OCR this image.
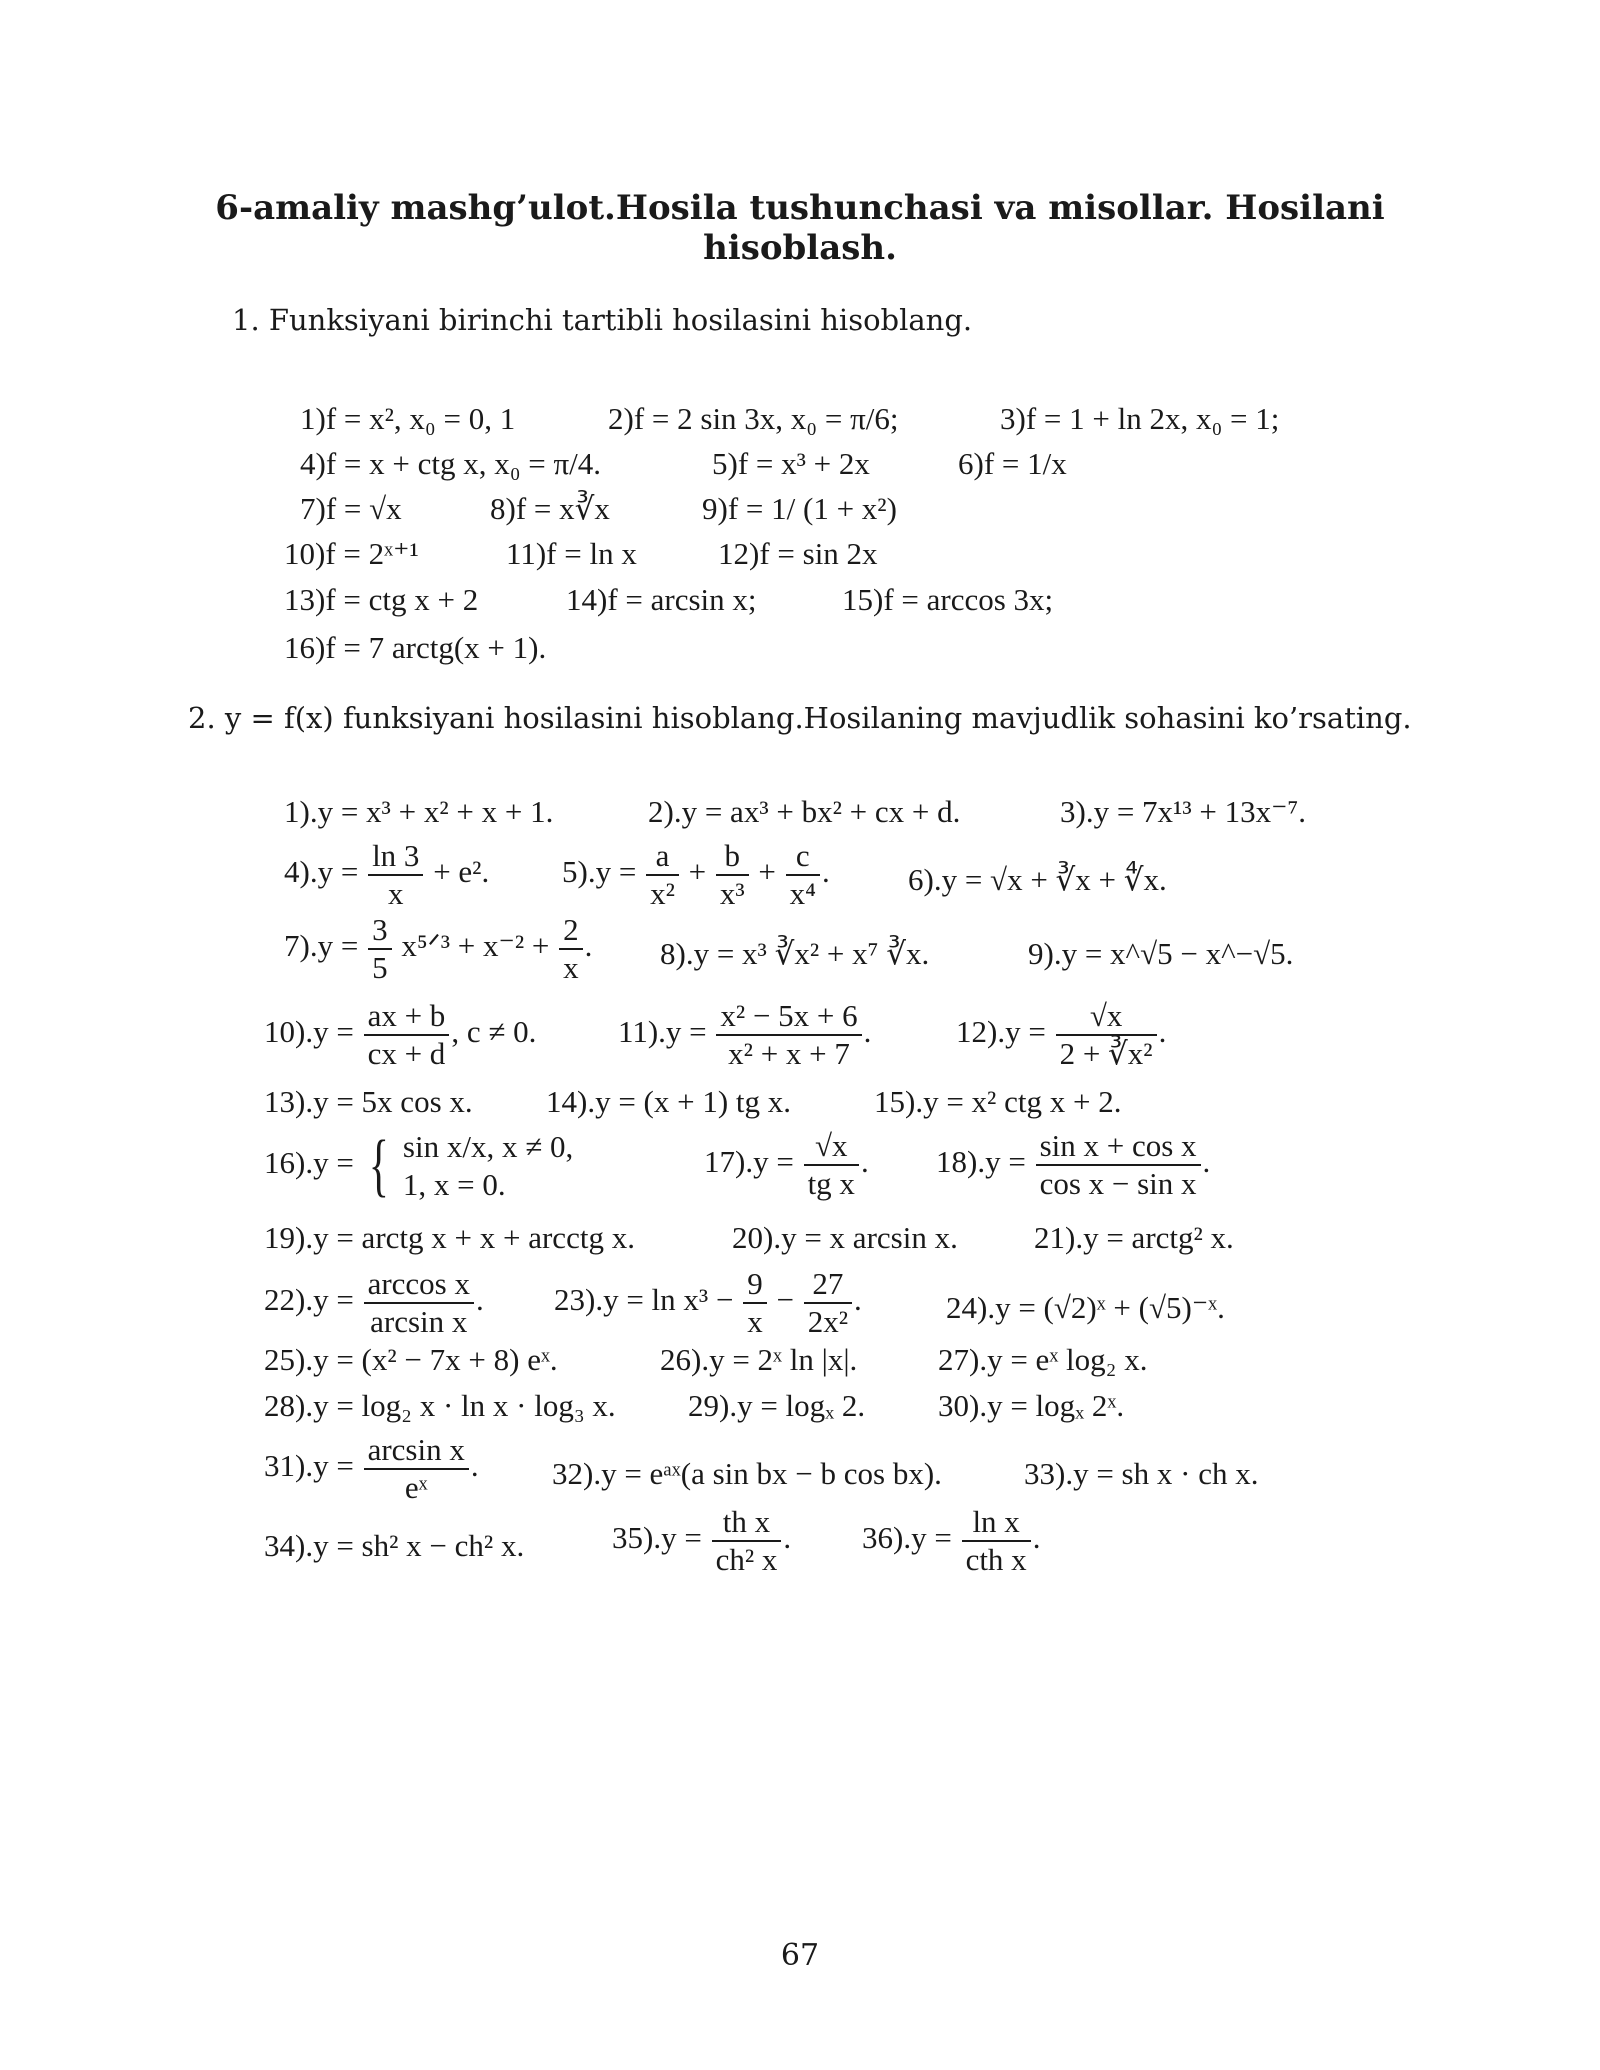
6-amaliy mashg’ulot.Hosila tushunchasi va misollar. Hosilani
hisoblash.
1. Funksiyani birinchi tartibli hosilasini hisoblang.
1)f = x², x₀ = 0, 1	2)f = 2 sin 3x, x₀ = π/6;	3)f = 1 + ln 2x, x₀ = 1;
4)f = x + ctg x, x₀ = π/4.	5)f = x³ + 2x	6)f = 1/x
7)f = √x	8)f = x∛x	9)f = 1/ (1 + x²)
10)f = 2ˣ⁺¹	11)f = ln x	12)f = sin 2x
13)f = ctg x + 2	14)f = arcsin x;	15)f = arccos 3x;
16)f = 7 arctg(x + 1).
2. y = f(x) funksiyani hosilasini hisoblang.Hosilaning mavjudlik sohasini ko’rsating.
1).y = x³ + x² + x + 1.	2).y = ax³ + bx² + cx + d.	3).y = 7x¹³ + 13x⁻⁷.
$4).y = \frac{\ln 3}{x} + e^2$. $5).y = \frac{a}{\text{x²}} + \frac{b}{\text{x³}} + \frac{c}{\text{x⁴}}$ .	6).y = √x + ∛x + ∜x.
$7).y = \frac{3}{5}$ x⁵ᐟ³ + $x^{-2} + \frac{2}{x}$ . 8).y = x³ ∛x² + x⁷ ∛x.	9).y = x^√5 − x^−√5.
$10).y = \frac{ax + b}{cx + d}$ , c ≠ 0.	$11).y = \frac{\text{x² − 5x + 6}}{\text{x² + x + 7}}$ .	$12).y = \frac{√x}{\text{2 + ∛x²}}$ .
13).y = 5x cos x. 14).y = (x + 1) tg x.	15).y = x² ctg x + 2.
16).y = { sin x/x, x ≠ 0,
1, x = 0.
$17).y = \frac{√x}{\text{tg x}}$ . $18).y = \frac{\text{sin x + cos x}}{\text{cos x − sin x}}$ .
19).y = arctg x + x + arcctg x.	20).y = x arcsin x. 21).y = arctg² x.
$22).y = \frac{\text{arccos x}}{\text{arcsin x}}$ . $23).y = \ln x^3 - \frac{9}{x} - \frac{27}{\text{2x²}}$ .	24).y = (√2)ˣ + (√5)⁻ˣ.
25).y = (x² − 7x + 8) eˣ.	26).y = 2ˣ ln |x|.	27).y = eˣ log₂ x.
28).y = log₂ x · ln x · log₃ x. 29).y = logₓ 2. 30).y = logₓ 2ˣ.
$31).y = \frac{\text{arcsin x}}{\text{eˣ}}$ . 32).y = eᵃˣ(a sin bx − b cos bx).	33).y = sh x · ch x.
34).y = sh² x − ch² x.	$35).y = \frac{\text{th x}}{\text{ch² x}}$ . $36).y = \frac{\text{ln x}}{\text{cth x}}$ .
67
